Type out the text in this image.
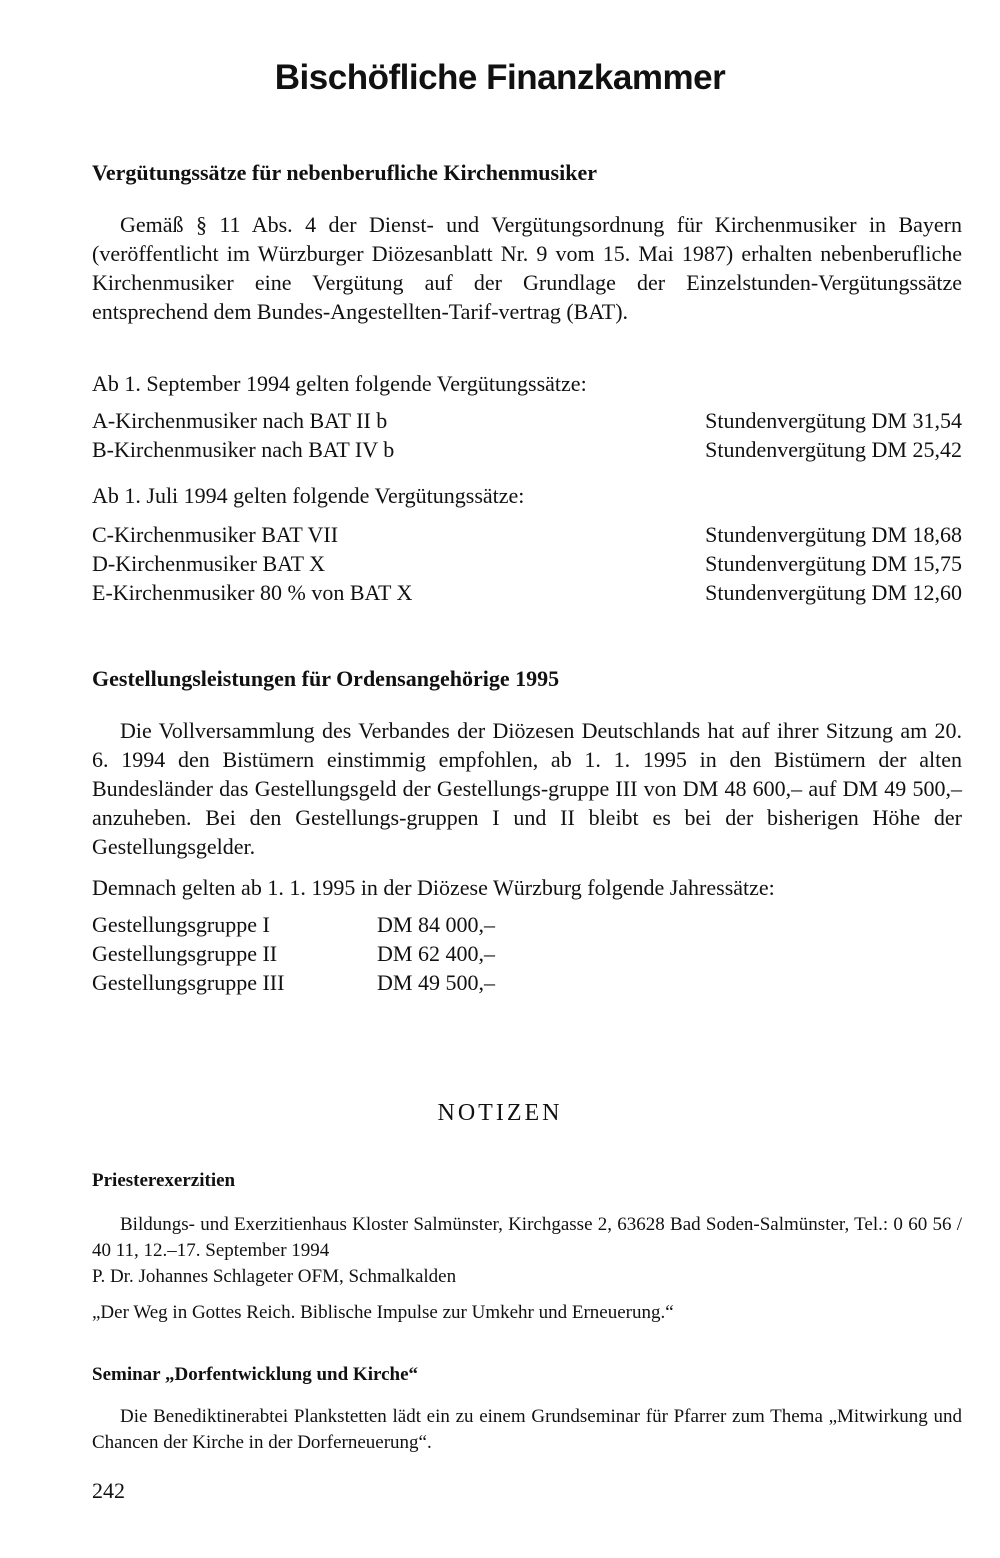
Bischöfliche Finanzkammer
Vergütungssätze für nebenberufliche Kirchenmusiker

Gemäß § 11 Abs. 4 der Dienst- und Vergütungsordnung für Kirchenmusiker in Bayern (veröffentlicht im Würzburger Diözesanblatt Nr. 9 vom 15. Mai 1987) erhalten nebenberufliche Kirchenmusiker eine Vergütung auf der Grundlage der Einzelstunden-Vergütungssätze entsprechend dem Bundes-Angestellten-Tarif-vertrag (BAT).

Ab 1. September 1994 gelten folgende Vergütungssätze:

A-Kirchenmusiker nach BAT II b	Stundenvergütung DM 31,54
B-Kirchenmusiker nach BAT IV b	Stundenvergütung DM 25,42

Ab 1. Juli 1994 gelten folgende Vergütungssätze:

C-Kirchenmusiker BAT VII	Stundenvergütung DM 18,68
D-Kirchenmusiker BAT X	Stundenvergütung DM 15,75
E-Kirchenmusiker 80 % von BAT X	Stundenvergütung DM 12,60
Gestellungsleistungen für Ordensangehörige 1995

Die Vollversammlung des Verbandes der Diözesen Deutschlands hat auf ihrer Sitzung am 20. 6. 1994 den Bistümern einstimmig empfohlen, ab 1. 1. 1995 in den Bistümern der alten Bundesländer das Gestellungsgeld der Gestellungs-gruppe III von DM 48 600,– auf DM 49 500,– anzuheben. Bei den Gestellungs-gruppen I und II bleibt es bei der bisherigen Höhe der Gestellungsgelder.

Demnach gelten ab 1. 1. 1995 in der Diözese Würzburg folgende Jahressätze:

Gestellungsgruppe I	DM 84 000,–
Gestellungsgruppe II	DM 62 400,–
Gestellungsgruppe III	DM 49 500,–
Priesterexerzitien

Bildungs- und Exerzitienhaus Kloster Salmünster, Kirchgasse 2, 63628 Bad Soden-Salmünster, Tel.: 0 60 56 / 40 11, 12.–17. September 1994

P. Dr. Johannes Schlageter OFM, Schmalkalden

„Der Weg in Gottes Reich. Biblische Impulse zur Umkehr und Erneuerung.“

Seminar „Dorfentwicklung und Kirche“

Die Benediktinerabtei Plankstetten lädt ein zu einem Grundseminar für Pfarrer zum Thema „Mitwirkung und Chancen der Kirche in der Dorferneuerung“.

NOTIZEN
242
